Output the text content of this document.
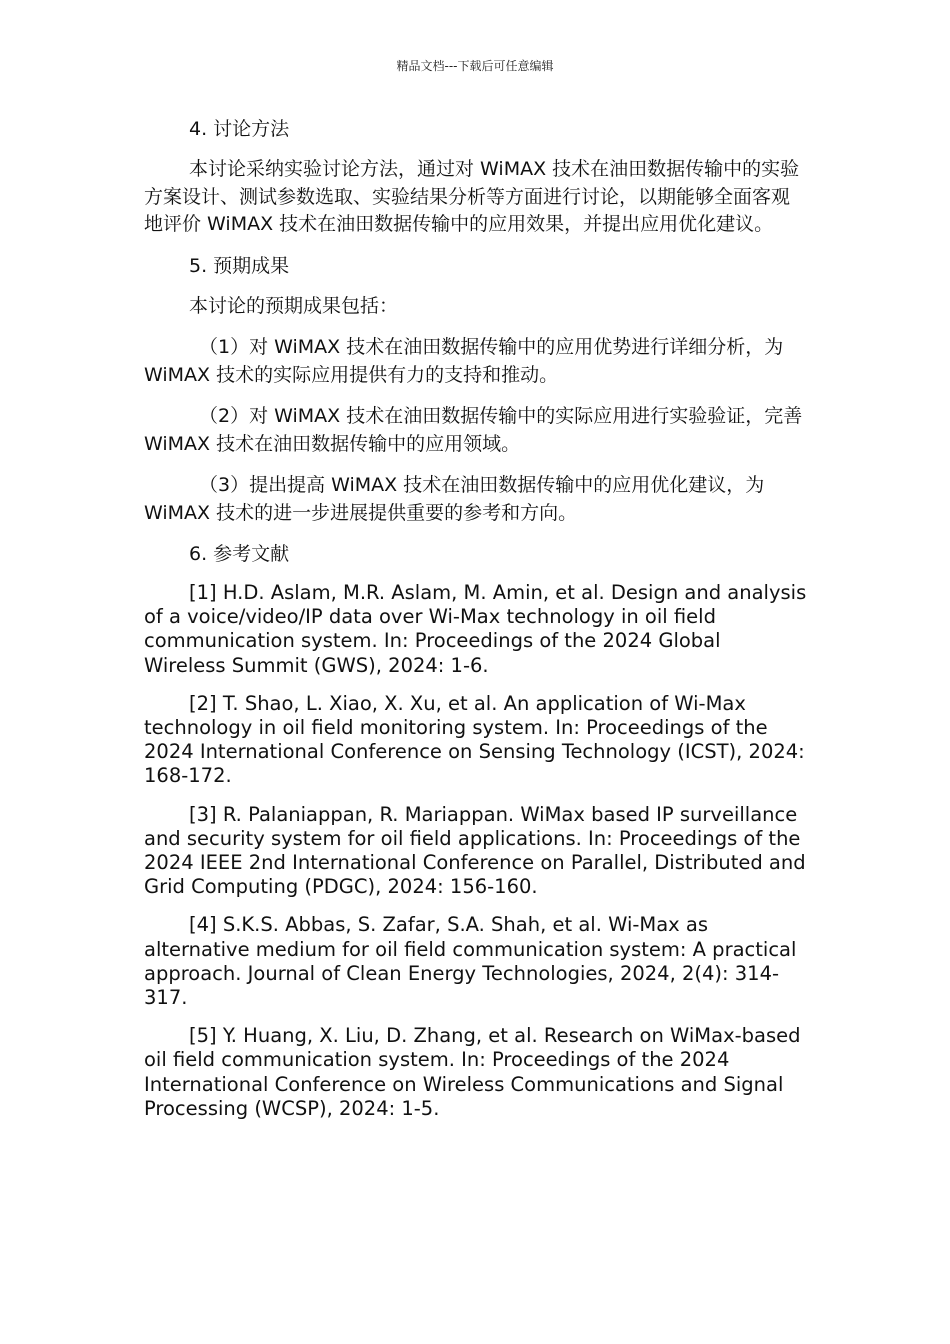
精品文档---下载后可任意编辑

4. 讨论方法

本讨论采纳实验讨论方法，通过对 WiMAX 技术在油田数据传输中的实验方案设计、测试参数选取、实验结果分析等方面进行讨论，以期能够全面客观地评价 WiMAX 技术在油田数据传输中的应用效果，并提出应用优化建议。

5. 预期成果

本讨论的预期成果包括：

（1）对 WiMAX 技术在油田数据传输中的应用优势进行详细分析，为 WiMAX 技术的实际应用提供有力的支持和推动。

（2）对 WiMAX 技术在油田数据传输中的实际应用进行实验验证，完善 WiMAX 技术在油田数据传输中的应用领域。

（3）提出提高 WiMAX 技术在油田数据传输中的应用优化建议，为 WiMAX 技术的进一步进展提供重要的参考和方向。

6. 参考文献

[1] H.D. Aslam, M.R. Aslam, M. Amin, et al. Design and analysis of a voice/video/IP data over Wi-Max technology in oil field communication system. In: Proceedings of the 2024 Global Wireless Summit (GWS), 2024: 1-6.

[2] T. Shao, L. Xiao, X. Xu, et al. An application of Wi-Max technology in oil field monitoring system. In: Proceedings of the 2024 International Conference on Sensing Technology (ICST), 2024: 168-172.

[3] R. Palaniappan, R. Mariappan. WiMax based IP surveillance and security system for oil field applications. In: Proceedings of the 2024 IEEE 2nd International Conference on Parallel, Distributed and Grid Computing (PDGC), 2024: 156-160.

[4] S.K.S. Abbas, S. Zafar, S.A. Shah, et al. Wi-Max as alternative medium for oil field communication system: A practical approach. Journal of Clean Energy Technologies, 2024, 2(4): 314-317.

[5] Y. Huang, X. Liu, D. Zhang, et al. Research on WiMax-based oil field communication system. In: Proceedings of the 2024 International Conference on Wireless Communications and Signal Processing (WCSP), 2024: 1-5.
